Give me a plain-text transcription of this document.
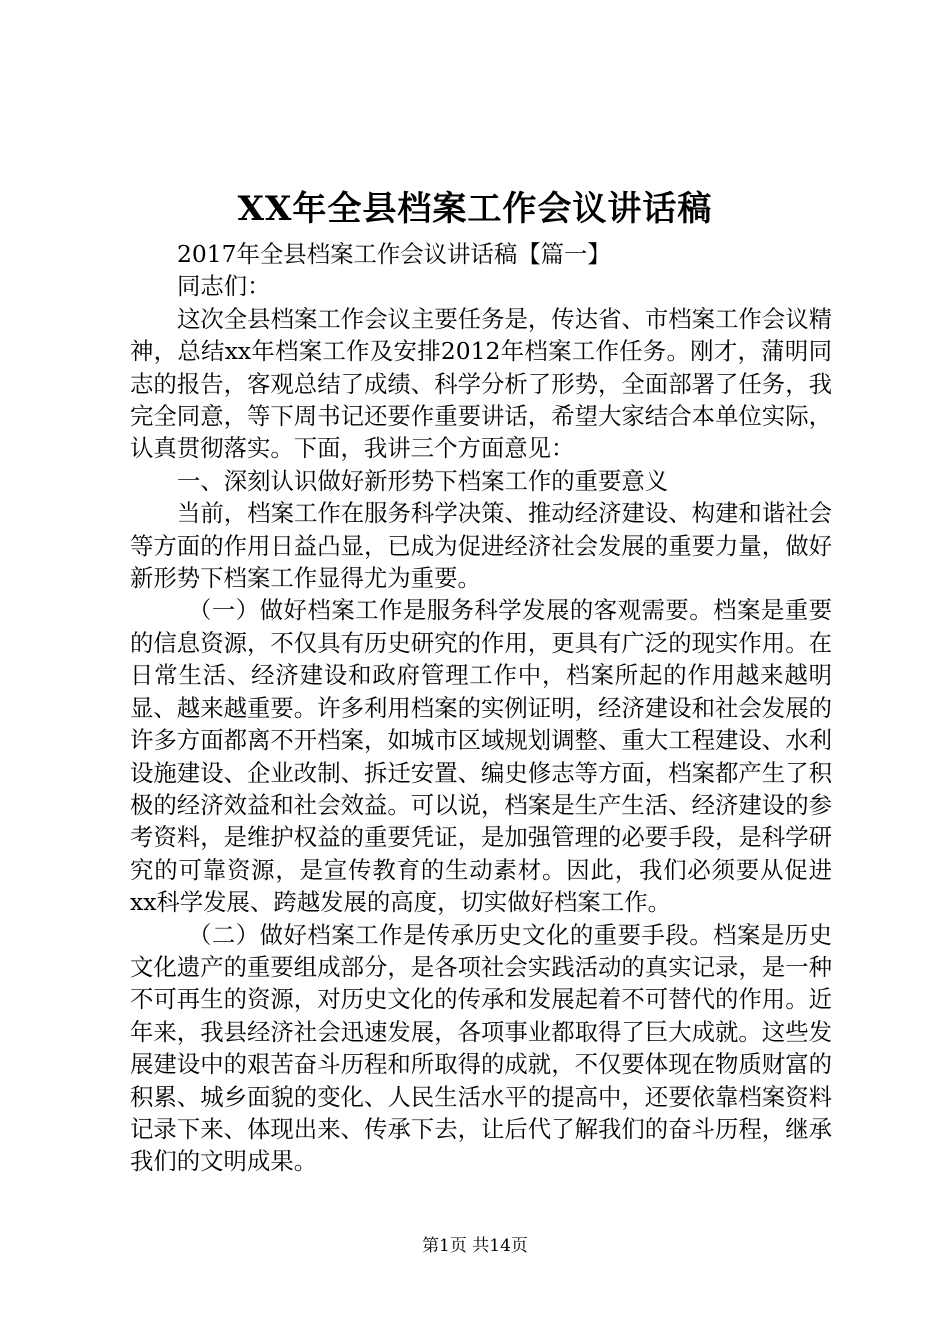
XX年全县档案工作会议讲话稿

2017年全县档案工作会议讲话稿【篇一】

同志们：

这次全县档案工作会议主要任务是，传达省、市档案工作会议精神，总结xx年档案工作及安排2012年档案工作任务。刚才，蒲明同志的报告，客观总结了成绩、科学分析了形势，全面部署了任务，我完全同意，等下周书记还要作重要讲话，希望大家结合本单位实际，认真贯彻落实。下面，我讲三个方面意见：

一、深刻认识做好新形势下档案工作的重要意义

当前，档案工作在服务科学决策、推动经济建设、构建和谐社会等方面的作用日益凸显，已成为促进经济社会发展的重要力量，做好新形势下档案工作显得尤为重要。

（一）做好档案工作是服务科学发展的客观需要。档案是重要的信息资源，不仅具有历史研究的作用，更具有广泛的现实作用。在日常生活、经济建设和政府管理工作中，档案所起的作用越来越明显、越来越重要。许多利用档案的实例证明，经济建设和社会发展的许多方面都离不开档案，如城市区域规划调整、重大工程建设、水利设施建设、企业改制、拆迁安置、编史修志等方面，档案都产生了积极的经济效益和社会效益。可以说，档案是生产生活、经济建设的参考资料，是维护权益的重要凭证，是加强管理的必要手段，是科学研究的可靠资源，是宣传教育的生动素材。因此，我们必须要从促进xx科学发展、跨越发展的高度，切实做好档案工作。

（二）做好档案工作是传承历史文化的重要手段。档案是历史文化遗产的重要组成部分，是各项社会实践活动的真实记录，是一种不可再生的资源，对历史文化的传承和发展起着不可替代的作用。近年来，我县经济社会迅速发展，各项事业都取得了巨大成就。这些发展建设中的艰苦奋斗历程和所取得的成就，不仅要体现在物质财富的积累、城乡面貌的变化、人民生活水平的提高中，还要依靠档案资料记录下来、体现出来、传承下去，让后代了解我们的奋斗历程，继承我们的文明成果。

第1页 共14页
